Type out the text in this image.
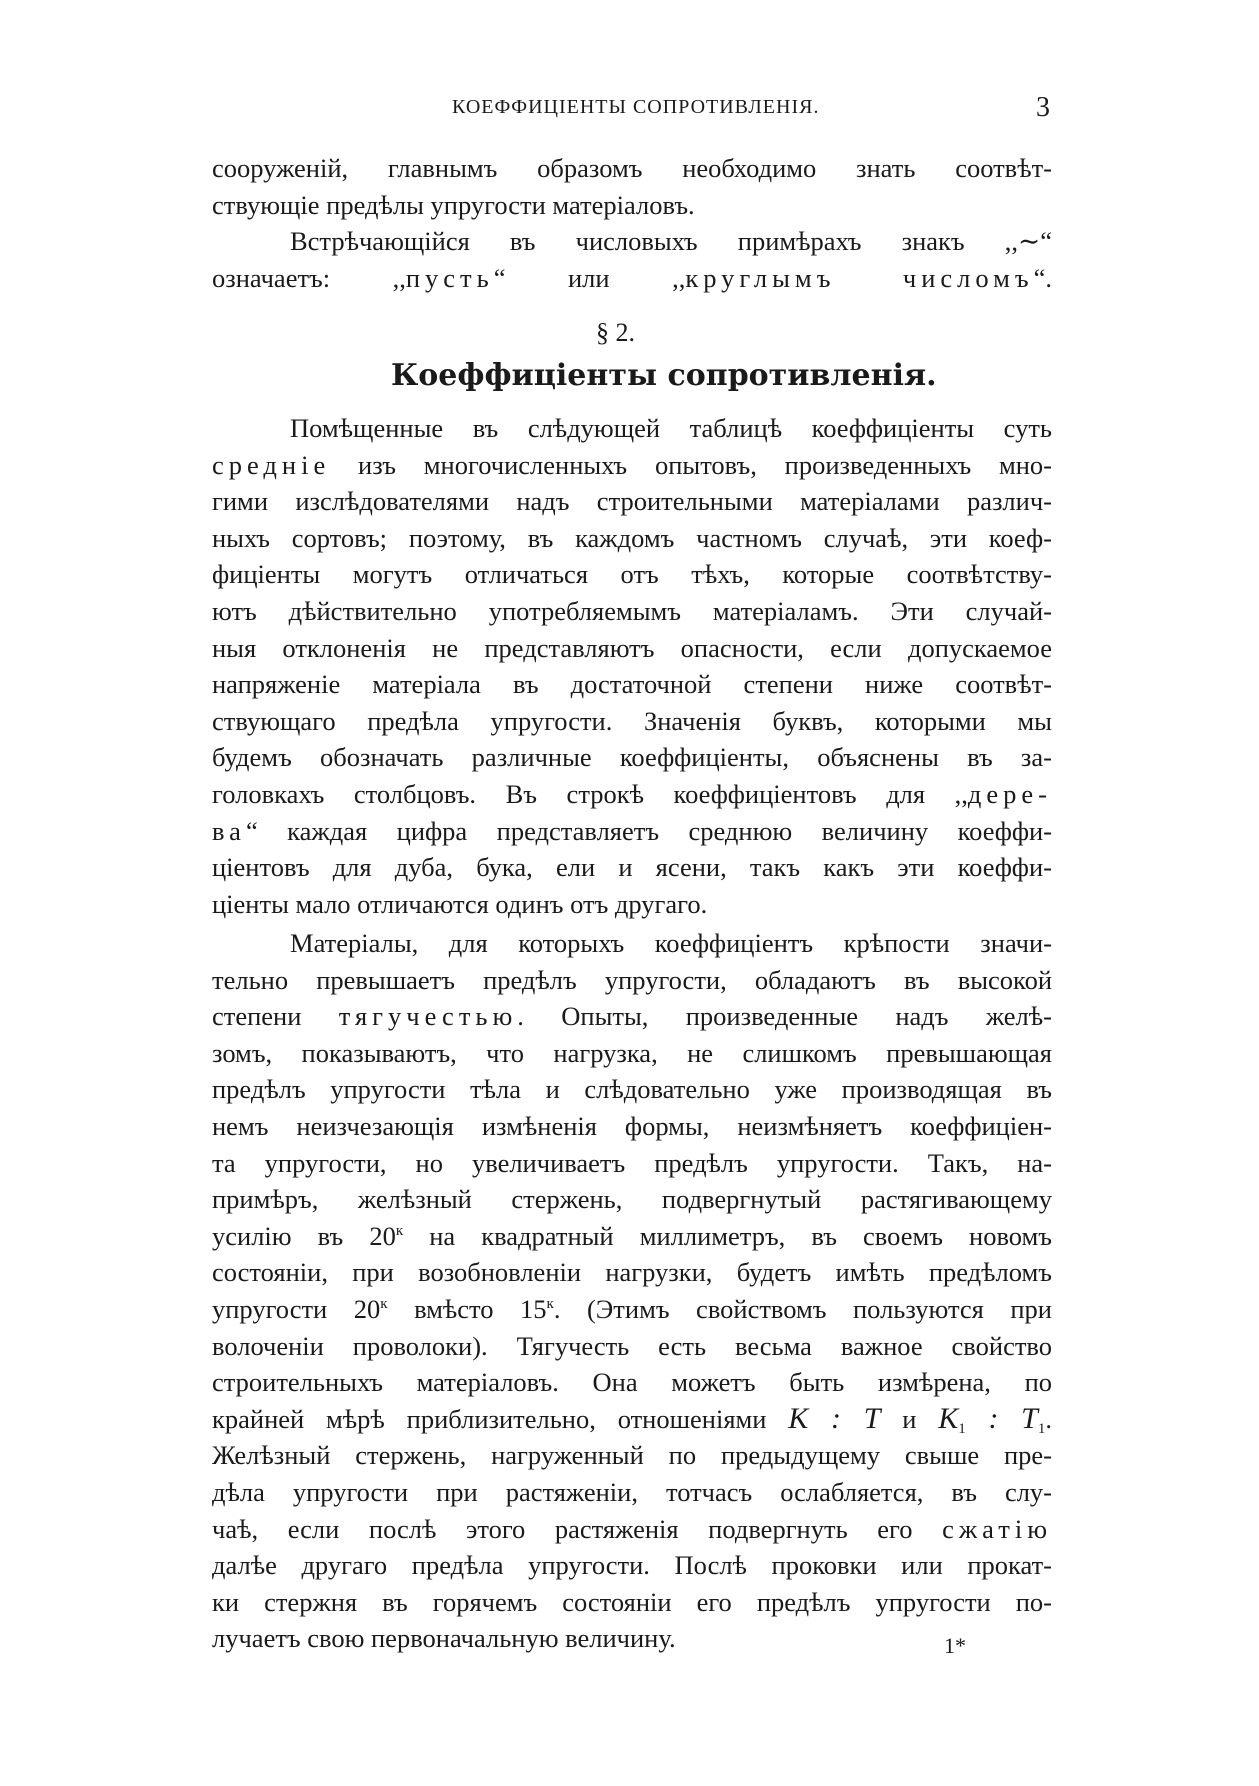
КОЕФФИЦІЕНТЫ СОПРОТИВЛЕНІЯ.	3
сооруженій, главнымъ образомъ необходимо знать соотвѣт-
ствующіе предѣлы упругости матеріаловъ.
Встрѣчающійся въ числовыхъ примѣрахъ знакъ ,,∼“
означаетъ: ,,пусть“ или ,,круглымъ числомъ“.
§ 2.
Коеффиціенты сопротивленія.
Помѣщенные въ слѣдующей таблицѣ коеффиціенты суть
средніе изъ многочисленныхъ опытовъ, произведенныхъ мно-
гими изслѣдователями надъ строительными матеріалами различ-
ныхъ сортовъ; поэтому, въ каждомъ частномъ случаѣ, эти коеф-
фиціенты могутъ отличаться отъ тѣхъ, которые соотвѣтству-
ютъ дѣйствительно употребляемымъ матеріаламъ. Эти случай-
ныя отклоненія не представляютъ опасности, если допускаемое
напряженіе матеріала въ достаточной степени ниже соотвѣт-
ствующаго предѣла упругости. Значенія буквъ, которыми мы
будемъ обозначать различные коеффиціенты, объяснены въ за-
головкахъ столбцовъ. Въ строкѣ коеффиціентовъ для ,,дере-
ва“ каждая цифра представляетъ среднюю величину коеффи-
ціентовъ для дуба, бука, ели и ясени, такъ какъ эти коеффи-
ціенты мало отличаются одинъ отъ другаго.
Матеріалы, для которыхъ коеффиціентъ крѣпости значи-
тельно превышаетъ предѣлъ упругости, обладаютъ въ высокой
степени тягучестью. Опыты, произведенные надъ желѣ-
зомъ, показываютъ, что нагрузка, не слишкомъ превышающая
предѣлъ упругости тѣла и слѣдовательно уже производящая въ
немъ неизчезающія измѣненія формы, неизмѣняетъ коеффиціен-
та упругости, но увеличиваетъ предѣлъ упругости. Такъ, на-
примѣръ, желѣзный стержень, подвергнутый растягивающему
усилію въ $20^к$ на квадратный миллиметръ, въ своемъ новомъ
состояніи, при возобновленіи нагрузки, будетъ имѣть предѣломъ
упругости $20^к$ вмѣсто $15^к$. (Этимъ свойствомъ пользуются при
волоченіи проволоки). Тягучесть есть весьма важное свойство
строительныхъ матеріаловъ. Она можетъ быть измѣрена, по
крайней мѣрѣ приблизительно, отношеніями K : T и $K_1$ : $T_1$.
Желѣзный стержень, нагруженный по предыдущему свыше пре-
дѣла упругости при растяженіи, тотчасъ ослабляется, въ слу-
чаѣ, если послѣ этого растяженія подвергнуть его сжатію
далѣе другаго предѣла упругости. Послѣ проковки или прокат-
ки стержня въ горячемъ состояніи его предѣлъ упругости по-
лучаетъ свою первоначальную величину.	1*
